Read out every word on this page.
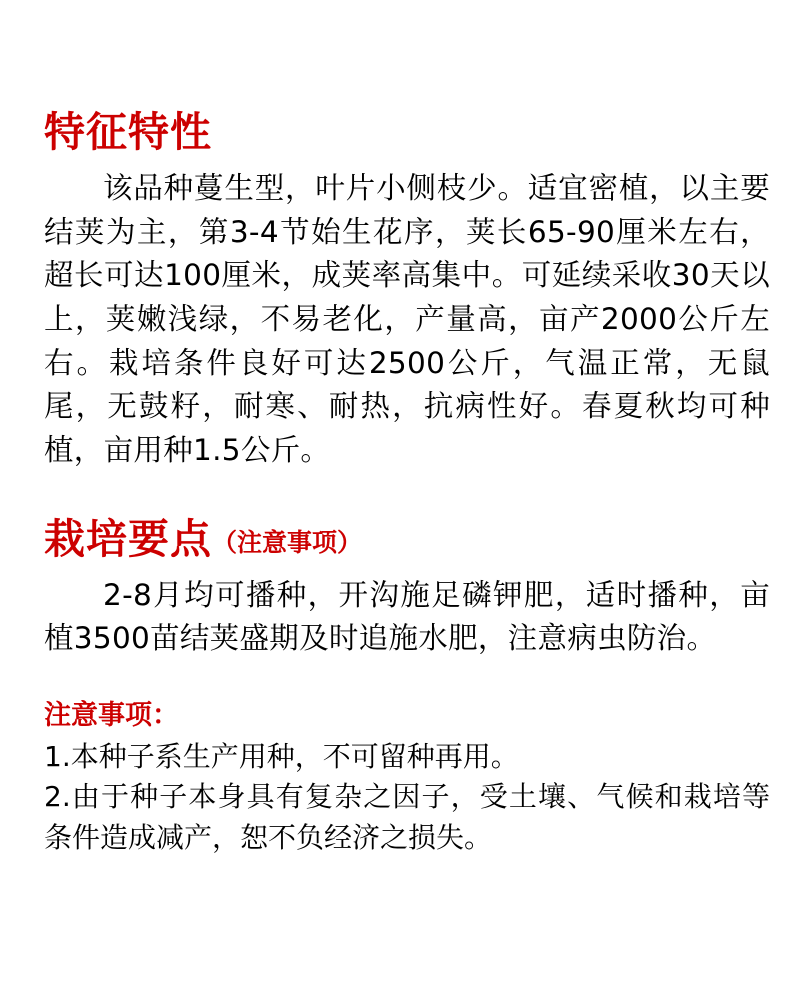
特征特性

该品种蔓生型，叶片小侧枝少。适宜密植，以主要结荚为主，第3-4节始生花序，荚长65-90厘米左右，超长可达100厘米，成荚率高集中。可延续采收30天以上，荚嫩浅绿，不易老化，产量高，亩产2000公斤左右。栽培条件良好可达2500公斤，气温正常，无鼠尾，无鼓籽，耐寒、耐热，抗病性好。春夏秋均可种植，亩用种1.5公斤。

栽培要点（注意事项）

2-8月均可播种，开沟施足磷钾肥，适时播种，亩植3500苗结荚盛期及时追施水肥，注意病虫防治。

注意事项：

1.本种子系生产用种，不可留种再用。

2.由于种子本身具有复杂之因子，受土壤、气候和栽培等条件造成减产，恕不负经济之损失。
